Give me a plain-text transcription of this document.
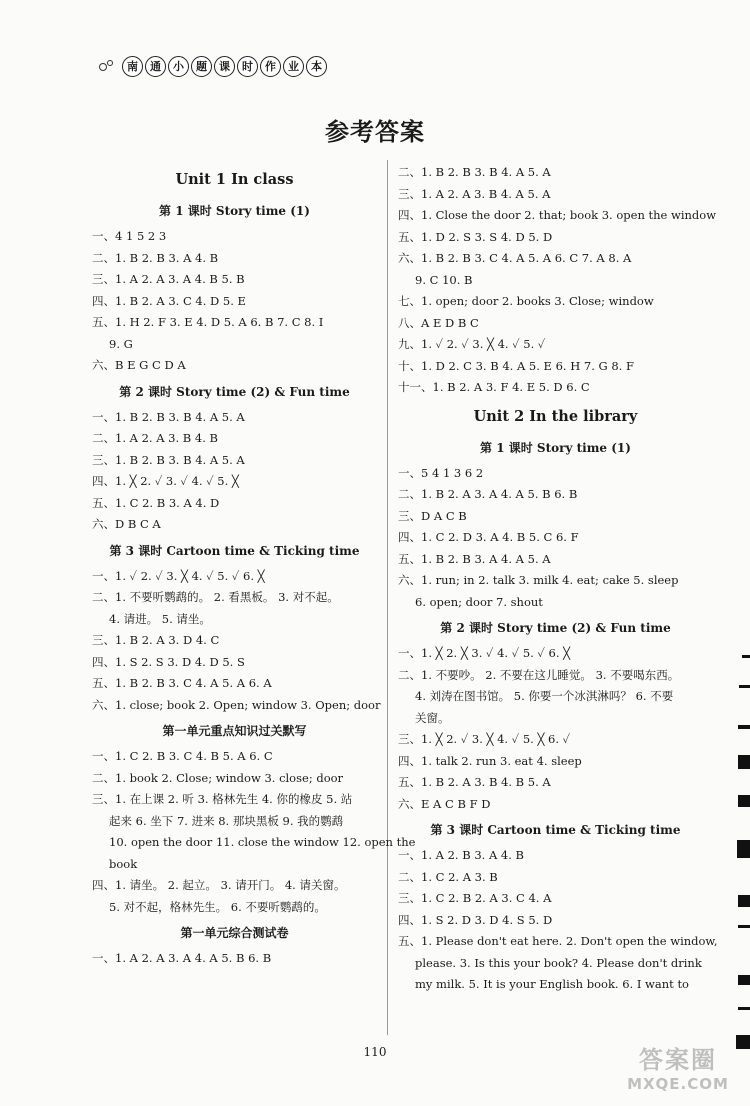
南	通	小	题	课	时	作	业	本
参考答案
Unit 1 In class
第 1 课时 Story time (1)
一、4 1 5 2 3
二、1. B 2. B 3. A 4. B
三、1. A 2. A 3. A 4. B 5. B
四、1. B 2. A 3. C 4. D 5. E
五、1. H 2. F 3. E 4. D 5. A 6. B 7. C 8. I
9. G
六、B E G C D A
第 2 课时 Story time (2) & Fun time
一、1. B 2. B 3. B 4. A 5. A
二、1. A 2. A 3. B 4. B
三、1. B 2. B 3. B 4. A 5. A
四、1. ╳ 2. ✓ 3. ✓ 4. ✓ 5. ╳
五、1. C 2. B 3. A 4. D
六、D B C A
第 3 课时 Cartoon time & Ticking time
一、1. ✓ 2. ✓ 3. ╳ 4. ✓ 5. ✓ 6. ╳
二、1. 不要听鹦鹉的。 2. 看黑板。 3. 对不起。
4. 请进。 5. 请坐。
三、1. B 2. A 3. D 4. C
四、1. S 2. S 3. D 4. D 5. S
五、1. B 2. B 3. C 4. A 5. A 6. A
六、1. close; book 2. Open; window 3. Open; door
第一单元重点知识过关默写
一、1. C 2. B 3. C 4. B 5. A 6. C
二、1. book 2. Close; window 3. close; door
三、1. 在上课 2. 听 3. 格林先生 4. 你的橡皮 5. 站
起来 6. 坐下 7. 进来 8. 那块黑板 9. 我的鹦鹉
10. open the door 11. close the window 12. open the
book
四、1. 请坐。 2. 起立。 3. 请开门。 4. 请关窗。
5. 对不起，格林先生。 6. 不要听鹦鹉的。
第一单元综合测试卷
一、1. A 2. A 3. A 4. A 5. B 6. B
二、1. B 2. B 3. B 4. A 5. A
三、1. A 2. A 3. B 4. A 5. A
四、1. Close the door 2. that; book 3. open the window
五、1. D 2. S 3. S 4. D 5. D
六、1. B 2. B 3. C 4. A 5. A 6. C 7. A 8. A
9. C 10. B
七、1. open; door 2. books 3. Close; window
八、A E D B C
九、1. ✓ 2. ✓ 3. ╳ 4. ✓ 5. ✓
十、1. D 2. C 3. B 4. A 5. E 6. H 7. G 8. F
十一、1. B 2. A 3. F 4. E 5. D 6. C
Unit 2 In the library
第 1 课时 Story time (1)
一、5 4 1 3 6 2
二、1. B 2. A 3. A 4. A 5. B 6. B
三、D A C B
四、1. C 2. D 3. A 4. B 5. C 6. F
五、1. B 2. B 3. A 4. A 5. A
六、1. run; in 2. talk 3. milk 4. eat; cake 5. sleep
6. open; door 7. shout
第 2 课时 Story time (2) & Fun time
一、1. ╳ 2. ╳ 3. ✓ 4. ✓ 5. ✓ 6. ╳
二、1. 不要吵。 2. 不要在这儿睡觉。 3. 不要喝东西。
4. 刘涛在图书馆。 5. 你要一个冰淇淋吗？ 6. 不要
关窗。
三、1. ╳ 2. ✓ 3. ╳ 4. ✓ 5. ╳ 6. ✓
四、1. talk 2. run 3. eat 4. sleep
五、1. B 2. A 3. B 4. B 5. A
六、E A C B F D
第 3 课时 Cartoon time & Ticking time
一、1. A 2. B 3. A 4. B
二、1. C 2. A 3. B
三、1. C 2. B 2. A 3. C 4. A
四、1. S 2. D 3. D 4. S 5. D
五、1. Please don't eat here. 2. Don't open the window,
please. 3. Is this your book? 4. Please don't drink
my milk. 5. It is your English book. 6. I want to
110	答案圈
MXQE.COM
